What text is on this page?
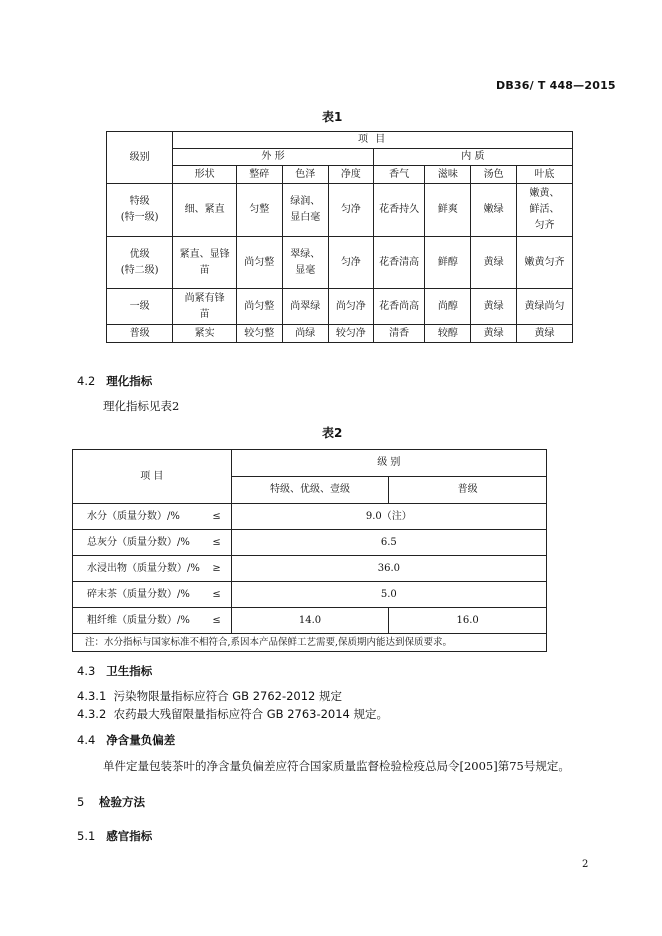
DB36/ T 448—2015
表1
级别	项 目							
	外 形				内 质			
	形状	整碎	色泽	净度	香气	滋味	汤色	叶底
特级
(特一级)	细、紧直	匀整	绿润、
显白毫	匀净	花香持久	鲜爽	嫩绿	嫩黄、
鲜活、
匀齐
优级
(特二级)	紧直、显锋
苗	尚匀整	翠绿、
显毫	匀净	花香清高	鲜醇	黄绿	嫩黄匀齐
一级	尚紧有锋
苗	尚匀整	尚翠绿	尚匀净	花香尚高	尚醇	黄绿	黄绿尚匀
普级	紧实	较匀整	尚绿	较匀净	清香	较醇	黄绿	黄绿
4.2 理化指标
理化指标见表2
表2
项 目	级 别	
	特级、优级、壹级	普级
水分（质量分数）/% ≤	9.0（注）	
总灰分（质量分数）/% ≤	6.5	
水浸出物（质量分数）/% ≥	36.0	
碎末茶（质量分数）/% ≤	5.0	
粗纤维（质量分数）/% ≤	14.0	16.0
注：水分指标与国家标准不相符合,系因本产品保鲜工艺需要,保质期内能达到保质要求。		
4.3 卫生指标
4.3.1 污染物限量指标应符合 GB 2762-2012 规定
4.3.2 农药最大残留限量指标应符合 GB 2763-2014 规定。
4.4 净含量负偏差
单件定量包装茶叶的净含量负偏差应符合国家质量监督检验检疫总局令[2005]第75号规定。
5 检验方法
5.1 感官指标
2
